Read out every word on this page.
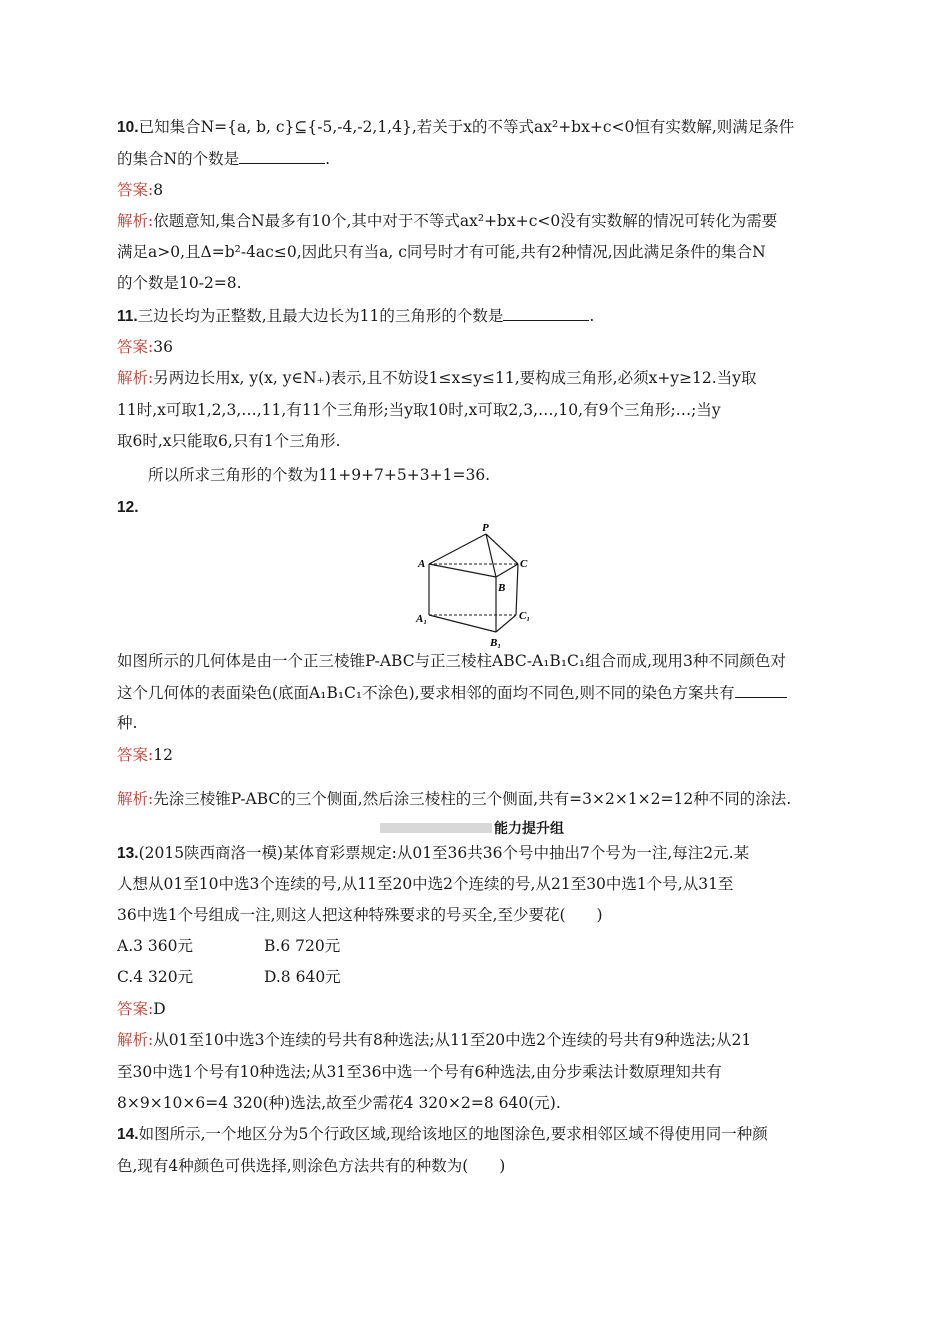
10.已知集合N={a, b, c}⊆{-5,-4,-2,1,4},若关于x的不等式ax²+bx+c<0恒有实数解,则满足条件
的集合N的个数是	.
答案:8
解析:依题意知,集合N最多有10个,其中对于不等式ax²+bx+c<0没有实数解的情况可转化为需要
满足a>0,且Δ=b²-4ac≤0,因此只有当a, c同号时才有可能,共有2种情况,因此满足条件的集合N
的个数是10-2=8.
11.三边长均为正整数,且最大边长为11的三角形的个数是	.
答案:36
解析:另两边长用x, y(x, y∈N₊)表示,且不妨设1≤x≤y≤11,要构成三角形,必须x+y≥12.当y取
11时,x可取1,2,3,…,11,有11个三角形;当y取10时,x可取2,3,…,10,有9个三角形;…;当y
取6时,x只能取6,只有1个三角形.
所以所求三角形的个数为11+9+7+5+3+1=36.
12.
P
A	C
B
A₁	C₁
B₁
如图所示的几何体是由一个正三棱锥P-ABC与正三棱柱ABC-A₁B₁C₁组合而成,现用3种不同颜色对
这个几何体的表面染色(底面A₁B₁C₁不涂色),要求相邻的面均不同色,则不同的染色方案共有
种.
答案:12
解析:先涂三棱锥P-ABC的三个侧面,然后涂三棱柱的三个侧面,共有=3×2×1×2=12种不同的涂法.
能力提升组
13.(2015陕西商洛一模)某体育彩票规定:从01至36共36个号中抽出7个号为一注,每注2元.某
人想从01至10中选3个连续的号,从11至20中选2个连续的号,从21至30中选1个号,从31至
36中选1个号组成一注,则这人把这种特殊要求的号买全,至少要花(　　)
A.3 360元	B.6 720元
C.4 320元	D.8 640元
答案:D
解析:从01至10中选3个连续的号共有8种选法;从11至20中选2个连续的号共有9种选法;从21
至30中选1个号有10种选法;从31至36中选一个号有6种选法,由分步乘法计数原理知共有
8×9×10×6=4 320(种)选法,故至少需花4 320×2=8 640(元).
14.如图所示,一个地区分为5个行政区域,现给该地区的地图涂色,要求相邻区域不得使用同一种颜
色,现有4种颜色可供选择,则涂色方法共有的种数为(　　)
